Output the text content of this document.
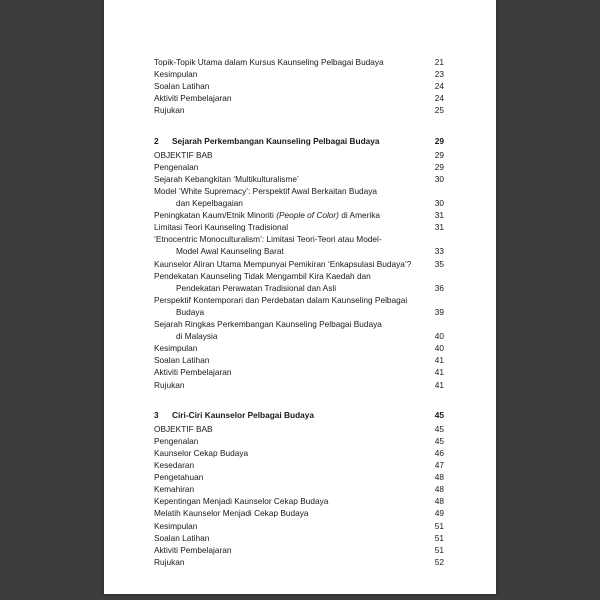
Topik-Topik Utama dalam Kursus Kaunseling Pelbagai Budaya	21
Kesimpulan	23
Soalan Latihan	24
Aktiviti Pembelajaran	24
Rujukan	25
2 Sejarah Perkembangan Kaunseling Pelbagai Budaya	29
OBJEKTIF BAB	29
Pengenalan	29
Sejarah Kebangkitan ‘Multikulturalisme’	30
Model ‘White Supremacy’: Perspektif Awal Berkaitan Budaya
dan Kepelbagaian	30
Peningkatan Kaum/Etnik Minoriti (People of Color) di Amerika	31
Limitasi Teori Kaunseling Tradisional	31
‘Etnocentric Monoculturalism’: Limitasi Teori-Teori atau Model-
Model Awal Kaunseling Barat	33
Kaunselor Aliran Utama Mempunyai Pemikiran ‘Enkapsulasi Budaya’?	35
Pendekatan Kaunseling Tidak Mengambil Kira Kaedah dan
Pendekatan Perawatan Tradisional dan Asli	36
Perspektif Kontemporari dan Perdebatan dalam Kaunseling Pelbagai
Budaya	39
Sejarah Ringkas Perkembangan Kaunseling Pelbagai Budaya
di Malaysia	40
Kesimpulan	40
Soalan Latihan	41
Aktiviti Pembelajaran	41
Rujukan	41
3 Ciri-Ciri Kaunselor Pelbagai Budaya	45
OBJEKTIF BAB	45
Pengenalan	45
Kaunselor Cekap Budaya	46
Kesedaran	47
Pengetahuan	48
Kemahiran	48
Kepentingan Menjadi Kaunselor Cekap Budaya	48
Melatih Kaunselor Menjadi Cekap Budaya	49
Kesimpulan	51
Soalan Latihan	51
Aktiviti Pembelajaran	51
Rujukan	52
